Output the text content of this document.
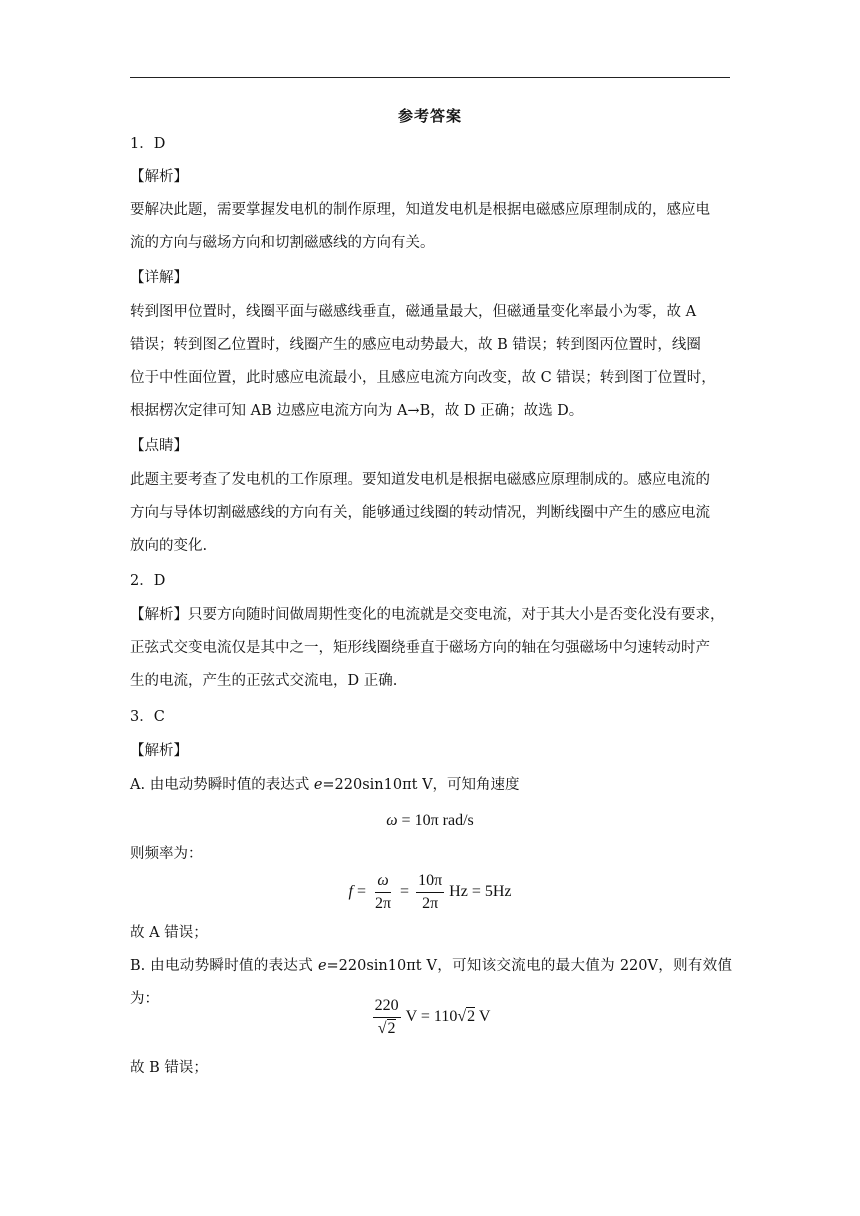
参考答案
1．D
【解析】
要解决此题，需要掌握发电机的制作原理，知道发电机是根据电磁感应原理制成的，感应电
流的方向与磁场方向和切割磁感线的方向有关。
【详解】
转到图甲位置时，线圈平面与磁感线垂直，磁通量最大，但磁通量变化率最小为零，故 A
错误；转到图乙位置时，线圈产生的感应电动势最大，故 B 错误；转到图丙位置时，线圈
位于中性面位置，此时感应电流最小，且感应电流方向改变，故 C 错误；转到图丁位置时，
根据楞次定律可知 AB 边感应电流方向为 A→B，故 D 正确；故选 D。
【点睛】
此题主要考查了发电机的工作原理。要知道发电机是根据电磁感应原理制成的。感应电流的
方向与导体切割磁感线的方向有关，能够通过线圈的转动情况，判断线圈中产生的感应电流
放向的变化.
2．D
【解析】只要方向随时间做周期性变化的电流就是交变电流，对于其大小是否变化没有要求，
正弦式交变电流仅是其中之一，矩形线圈绕垂直于磁场方向的轴在匀强磁场中匀速转动时产
生的电流，产生的正弦式交流电，D 正确.
3．C
【解析】
A. 由电动势瞬时值的表达式 e=220sin10πt V，可知角速度
ω = 10π rad/s
则频率为：
$f = \frac{\omega}{2\pi} = \frac{10\pi}{2\pi}$ Hz = 5Hz
故 A 错误；
B. 由电动势瞬时值的表达式 e=220sin10πt V，可知该交流电的最大值为 220V，则有效值为：	$\frac{220}{√2}$ V = 110 √ 2 V
故 B 错误；
